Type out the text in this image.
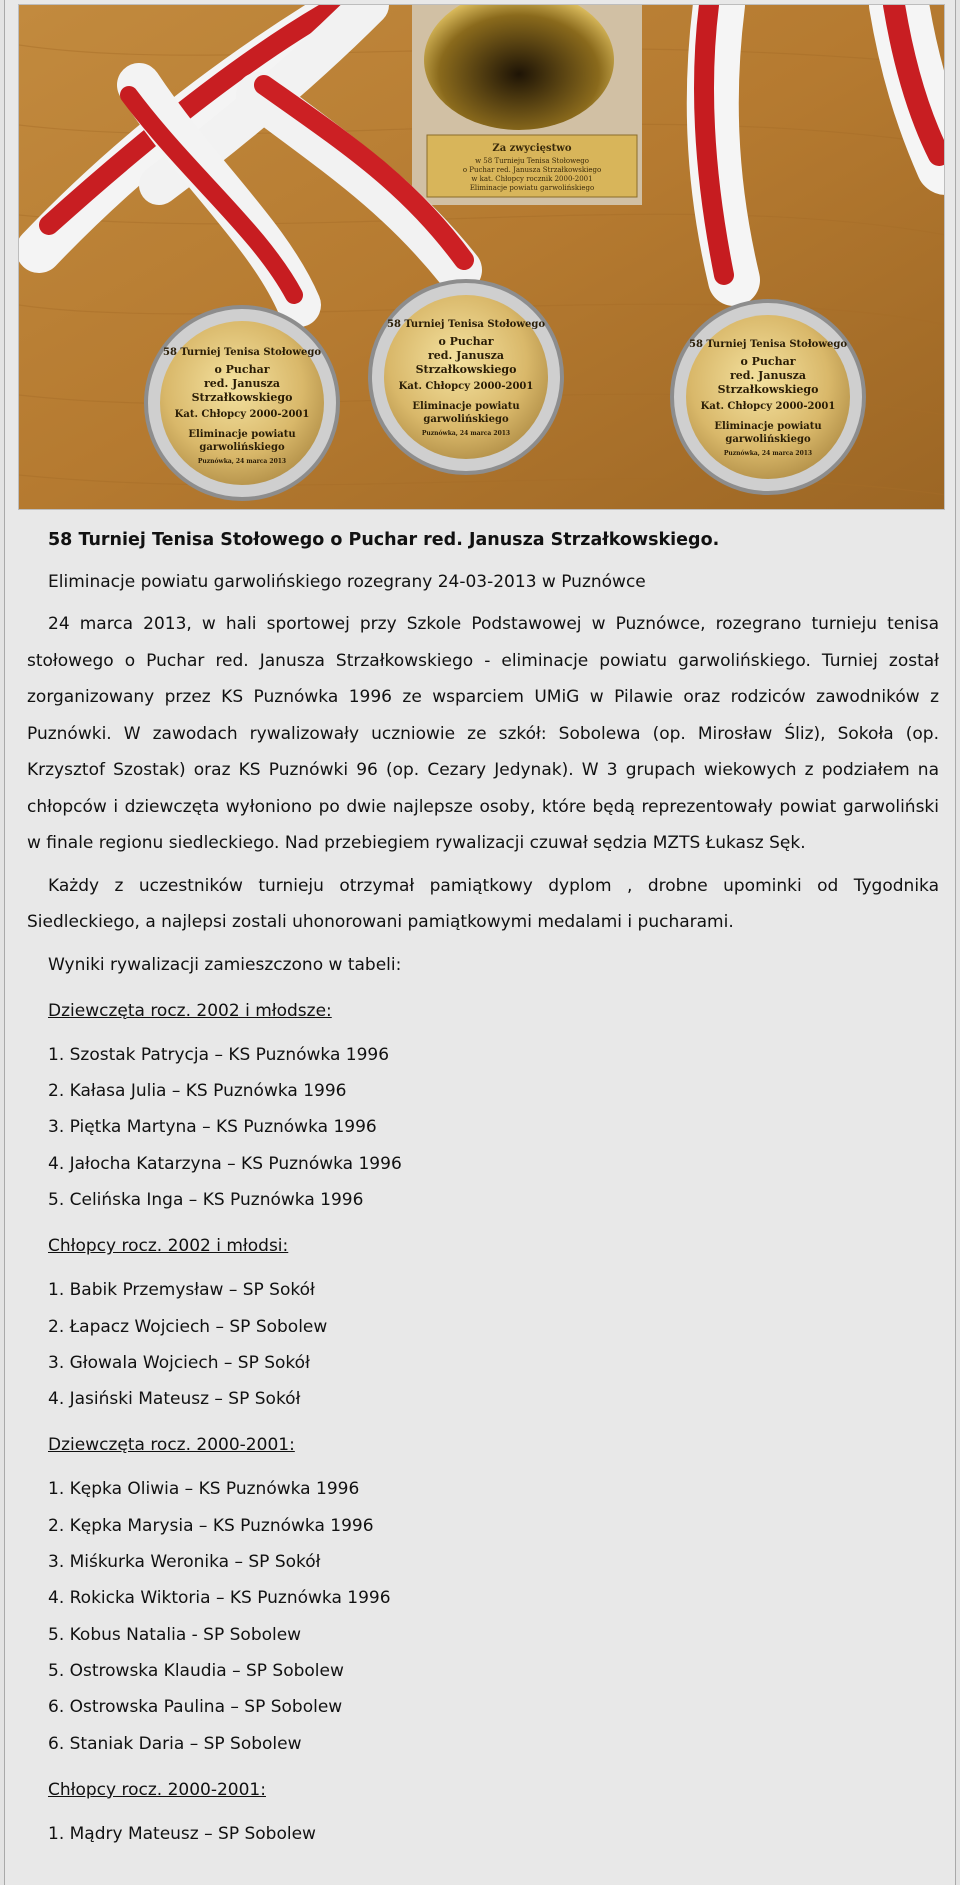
Za zwycięstwo
w 58 Turnieju Tenisa Stołowego
o Puchar red. Janusza Strzałkowskiego
w kat. Chłopcy rocznik 2000-2001
Eliminacje powiatu garwolińskiego
58 Turniej Tenisa Stołowego
o Puchar
red. Janusza
Strzałkowskiego
Kat. Chłopcy 2000-2001
Eliminacje powiatu
garwolińskiego
Puznówka, 24 marca 2013
58 Turniej Tenisa Stołowego
o Puchar
red. Janusza
Strzałkowskiego
Kat. Chłopcy 2000-2001
Eliminacje powiatu
garwolińskiego
Puznówka, 24 marca 2013
58 Turniej Tenisa Stołowego
o Puchar
red. Janusza
Strzałkowskiego
Kat. Chłopcy 2000-2001
Eliminacje powiatu
garwolińskiego
Puznówka, 24 marca 2013
58 Turniej Tenisa Stołowego o Puchar red. Janusza Strzałkowskiego.
Eliminacje powiatu garwolińskiego rozegrany 24-03-2013 w Puznówce
24 marca 2013, w hali sportowej przy Szkole Podstawowej w Puznówce, rozegrano turnieju tenisa stołowego o Puchar red. Janusza Strzałkowskiego - eliminacje powiatu garwolińskiego. Turniej został zorganizowany przez KS Puznówka 1996 ze wsparciem UMiG w Pilawie oraz rodziców zawodników z Puznówki. W zawodach rywalizowały uczniowie ze szkół: Sobolewa (op. Mirosław Śliz), Sokoła (op. Krzysztof Szostak) oraz KS Puznówki 96 (op. Cezary Jedynak). W 3 grupach wiekowych z podziałem na chłopców i dziewczęta wyłoniono po dwie najlepsze osoby, które będą reprezentowały powiat garwoliński w finale regionu siedleckiego. Nad przebiegiem rywalizacji czuwał sędzia MZTS Łukasz Sęk.
Każdy z uczestników turnieju otrzymał pamiątkowy dyplom , drobne upominki od Tygodnika Siedleckiego, a najlepsi zostali uhonorowani pamiątkowymi medalami i pucharami.
Wyniki rywalizacji zamieszczono w tabeli:
Dziewczęta rocz. 2002 i młodsze:
1. Szostak Patrycja – KS Puznówka 1996
2. Kałasa Julia – KS Puznówka 1996
3. Piętka Martyna – KS Puznówka 1996
4. Jałocha Katarzyna – KS Puznówka 1996
5. Celińska Inga – KS Puznówka 1996
Chłopcy rocz. 2002 i młodsi:
1. Babik Przemysław – SP Sokół
2. Łapacz Wojciech – SP Sobolew
3. Głowala Wojciech – SP Sokół
4. Jasiński Mateusz – SP Sokół
Dziewczęta rocz. 2000-2001:
1. Kępka Oliwia – KS Puznówka 1996
2. Kępka Marysia – KS Puznówka 1996
3. Miśkurka Weronika – SP Sokół
4. Rokicka Wiktoria – KS Puznówka 1996
5. Kobus Natalia - SP Sobolew
5. Ostrowska Klaudia – SP Sobolew
6. Ostrowska Paulina – SP Sobolew
6. Staniak Daria – SP Sobolew
Chłopcy rocz. 2000-2001:
1. Mądry Mateusz – SP Sobolew
